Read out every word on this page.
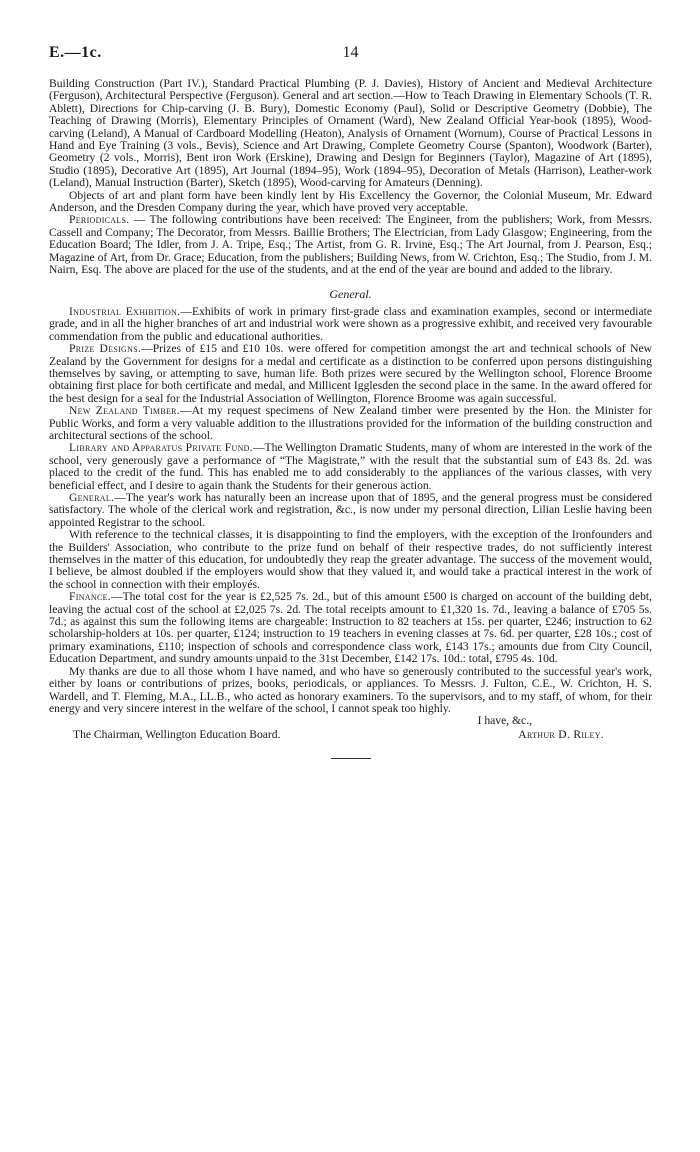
E.—1c.	14

Building Construction (Part IV.), Standard Practical Plumbing (P. J. Davies), History of Ancient and Medieval Architecture (Ferguson), Architectural Perspective (Ferguson). General and art section.—How to Teach Drawing in Elementary Schools (T. R. Ablett), Directions for Chip-carving (J. B. Bury), Domestic Economy (Paul), Solid or Descriptive Geometry (Dobbie), The Teaching of Drawing (Morris), Elementary Principles of Ornament (Ward), New Zealand Official Year-book (1895), Wood-carving (Leland), A Manual of Cardboard Modelling (Heaton), Analysis of Ornament (Wornum), Course of Practical Lessons in Hand and Eye Training (3 vols., Bevis), Science and Art Drawing, Complete Geometry Course (Spanton), Woodwork (Barter), Geometry (2 vols., Morris), Bent iron Work (Erskine), Drawing and Design for Beginners (Taylor), Magazine of Art (1895), Studio (1895), Decorative Art (1895), Art Journal (1894–95), Work (1894–95), Decoration of Metals (Harrison), Leather-work (Leland), Manual Instruction (Barter), Sketch (1895), Wood-carving for Amateurs (Denning).

Objects of art and plant form have been kindly lent by His Excellency the Governor, the Colonial Museum, Mr. Edward Anderson, and the Dresden Company during the year, which have proved very acceptable.

Periodicals. — The following contributions have been received: The Engineer, from the publishers; Work, from Messrs. Cassell and Company; The Decorator, from Messrs. Baillie Brothers; The Electrician, from Lady Glasgow; Engineering, from the Education Board; The Idler, from J. A. Tripe, Esq.; The Artist, from G. R. Irvine, Esq.; The Art Journal, from J. Pearson, Esq.; Magazine of Art, from Dr. Grace; Education, from the publishers; Building News, from W. Crichton, Esq.; The Studio, from J. M. Nairn, Esq. The above are placed for the use of the students, and at the end of the year are bound and added to the library.

General.

Industrial Exhibition.—Exhibits of work in primary first-grade class and examination examples, second or intermediate grade, and in all the higher branches of art and industrial work were shown as a progressive exhibit, and received very favourable commendation from the public and educational authorities.

Prize Designs.—Prizes of £15 and £10 10s. were offered for competition amongst the art and technical schools of New Zealand by the Government for designs for a medal and certificate as a distinction to be conferred upon persons distinguishing themselves by saving, or attempting to save, human life. Both prizes were secured by the Wellington school, Florence Broome obtaining first place for both certificate and medal, and Millicent Igglesden the second place in the same. In the award offered for the best design for a seal for the Industrial Association of Wellington, Florence Broome was again successful.

New Zealand Timber.—At my request specimens of New Zealand timber were presented by the Hon. the Minister for Public Works, and form a very valuable addition to the illustrations provided for the information of the building construction and architectural sections of the school.

Library and Apparatus Private Fund.—The Wellington Dramatic Students, many of whom are interested in the work of the school, very generously gave a performance of “The Magistrate,” with the result that the substantial sum of £43 8s. 2d. was placed to the credit of the fund. This has enabled me to add considerably to the appliances of the various classes, with very beneficial effect, and I desire to again thank the Students for their generous action.

General.—The year's work has naturally been an increase upon that of 1895, and the general progress must be considered satisfactory. The whole of the clerical work and registration, &c., is now under my personal direction, Lilian Leslie having been appointed Registrar to the school.

With reference to the technical classes, it is disappointing to find the employers, with the exception of the Ironfounders and the Builders' Association, who contribute to the prize fund on behalf of their respective trades, do not sufficiently interest themselves in the matter of this education, for undoubtedly they reap the greater advantage. The success of the movement would, I believe, be almost doubled if the employers would show that they valued it, and would take a practical interest in the work of the school in connection with their employés.

Finance.—The total cost for the year is £2,525 7s. 2d., but of this amount £500 is charged on account of the building debt, leaving the actual cost of the school at £2,025 7s. 2d. The total receipts amount to £1,320 1s. 7d., leaving a balance of £705 5s. 7d.; as against this sum the following items are chargeable: Instruction to 82 teachers at 15s. per quarter, £246; instruction to 62 scholarship-holders at 10s. per quarter, £124; instruction to 19 teachers in evening classes at 7s. 6d. per quarter, £28 10s.; cost of primary examinations, £110; inspection of schools and correspondence class work, £143 17s.; amounts due from City Council, Education Department, and sundry amounts unpaid to the 31st December, £142 17s. 10d.: total, £795 4s. 10d.

My thanks are due to all those whom I have named, and who have so generously contributed to the successful year's work, either by loans or contributions of prizes, books, periodicals, or appliances. To Messrs. J. Fulton, C.E., W. Crichton, H. S. Wardell, and T. Fleming, M.A., LL.B., who acted as honorary examiners. To the supervisors, and to my staff, of whom, for their energy and very sincere interest in the welfare of the school, I cannot speak too highly.

I have, &c.,
The Chairman, Wellington Education Board.	Arthur D. Riley.
